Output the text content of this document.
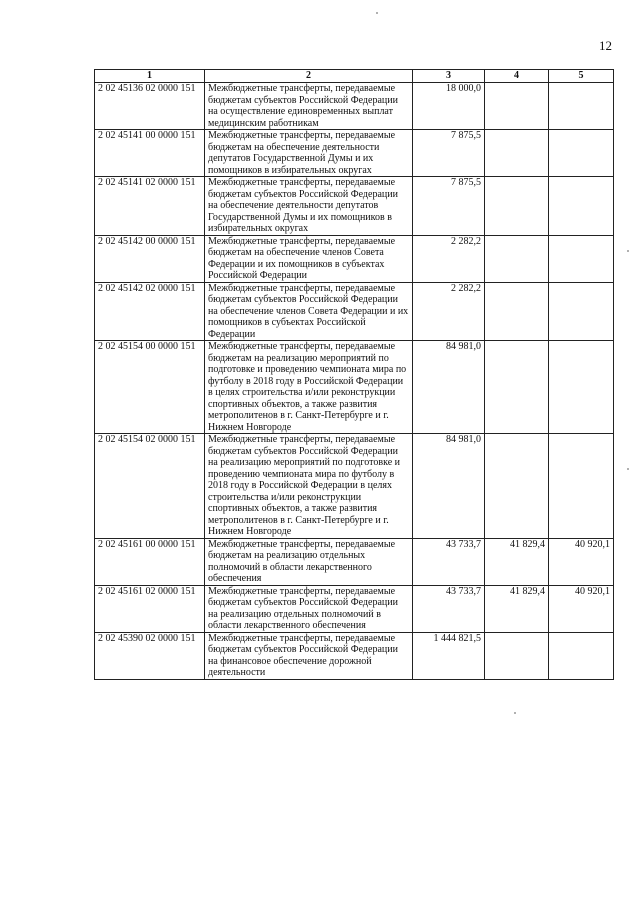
12
1	2	3	4	5
2 02 45136 02 0000 151	Межбюджетные трансферты, передаваемые бюджетам субъектов Российской Федерации на осуществление единовременных выплат медицинским работникам	18 000,0		
2 02 45141 00 0000 151	Межбюджетные трансферты, передаваемые бюджетам на обеспечение деятельности депутатов Государственной Думы и их помощников в избирательных округах	7 875,5		
2 02 45141 02 0000 151	Межбюджетные трансферты, передаваемые бюджетам субъектов Российской Федерации на обеспечение деятельности депутатов Государственной Думы и их помощников в избирательных округах	7 875,5		
2 02 45142 00 0000 151	Межбюджетные трансферты, передаваемые бюджетам на обеспечение членов Совета Федерации и их помощников в субъектах Российской Федерации	2 282,2		
2 02 45142 02 0000 151	Межбюджетные трансферты, передаваемые бюджетам субъектов Российской Федерации на обеспечение членов Совета Федерации и их помощников в субъектах Российской Федерации	2 282,2		
2 02 45154 00 0000 151	Межбюджетные трансферты, передаваемые бюджетам на реализацию мероприятий по подготовке и проведению чемпионата мира по футболу в 2018 году в Российской Федерации в целях строительства и/или реконструкции спортивных объектов, а также развития метрополитенов в г. Санкт-Петербурге и г. Нижнем Новгороде	84 981,0		
2 02 45154 02 0000 151	Межбюджетные трансферты, передаваемые бюджетам субъектов Российской Федерации на реализацию мероприятий по подготовке и проведению чемпионата мира по футболу в 2018 году в Российской Федерации в целях строительства и/или реконструкции спортивных объектов, а также развития метрополитенов в г. Санкт-Петербурге и г. Нижнем Новгороде	84 981,0		
2 02 45161 00 0000 151	Межбюджетные трансферты, передаваемые бюджетам на реализацию отдельных полномочий в области лекарственного обеспечения	43 733,7	41 829,4	40 920,1
2 02 45161 02 0000 151	Межбюджетные трансферты, передаваемые бюджетам субъектов Российской Федерации на реализацию отдельных полномочий в области лекарственного обеспечения	43 733,7	41 829,4	40 920,1
2 02 45390 02 0000 151	Межбюджетные трансферты, передаваемые бюджетам субъектов Российской Федерации на финансовое обеспечение дорожной деятельности	1 444 821,5		
